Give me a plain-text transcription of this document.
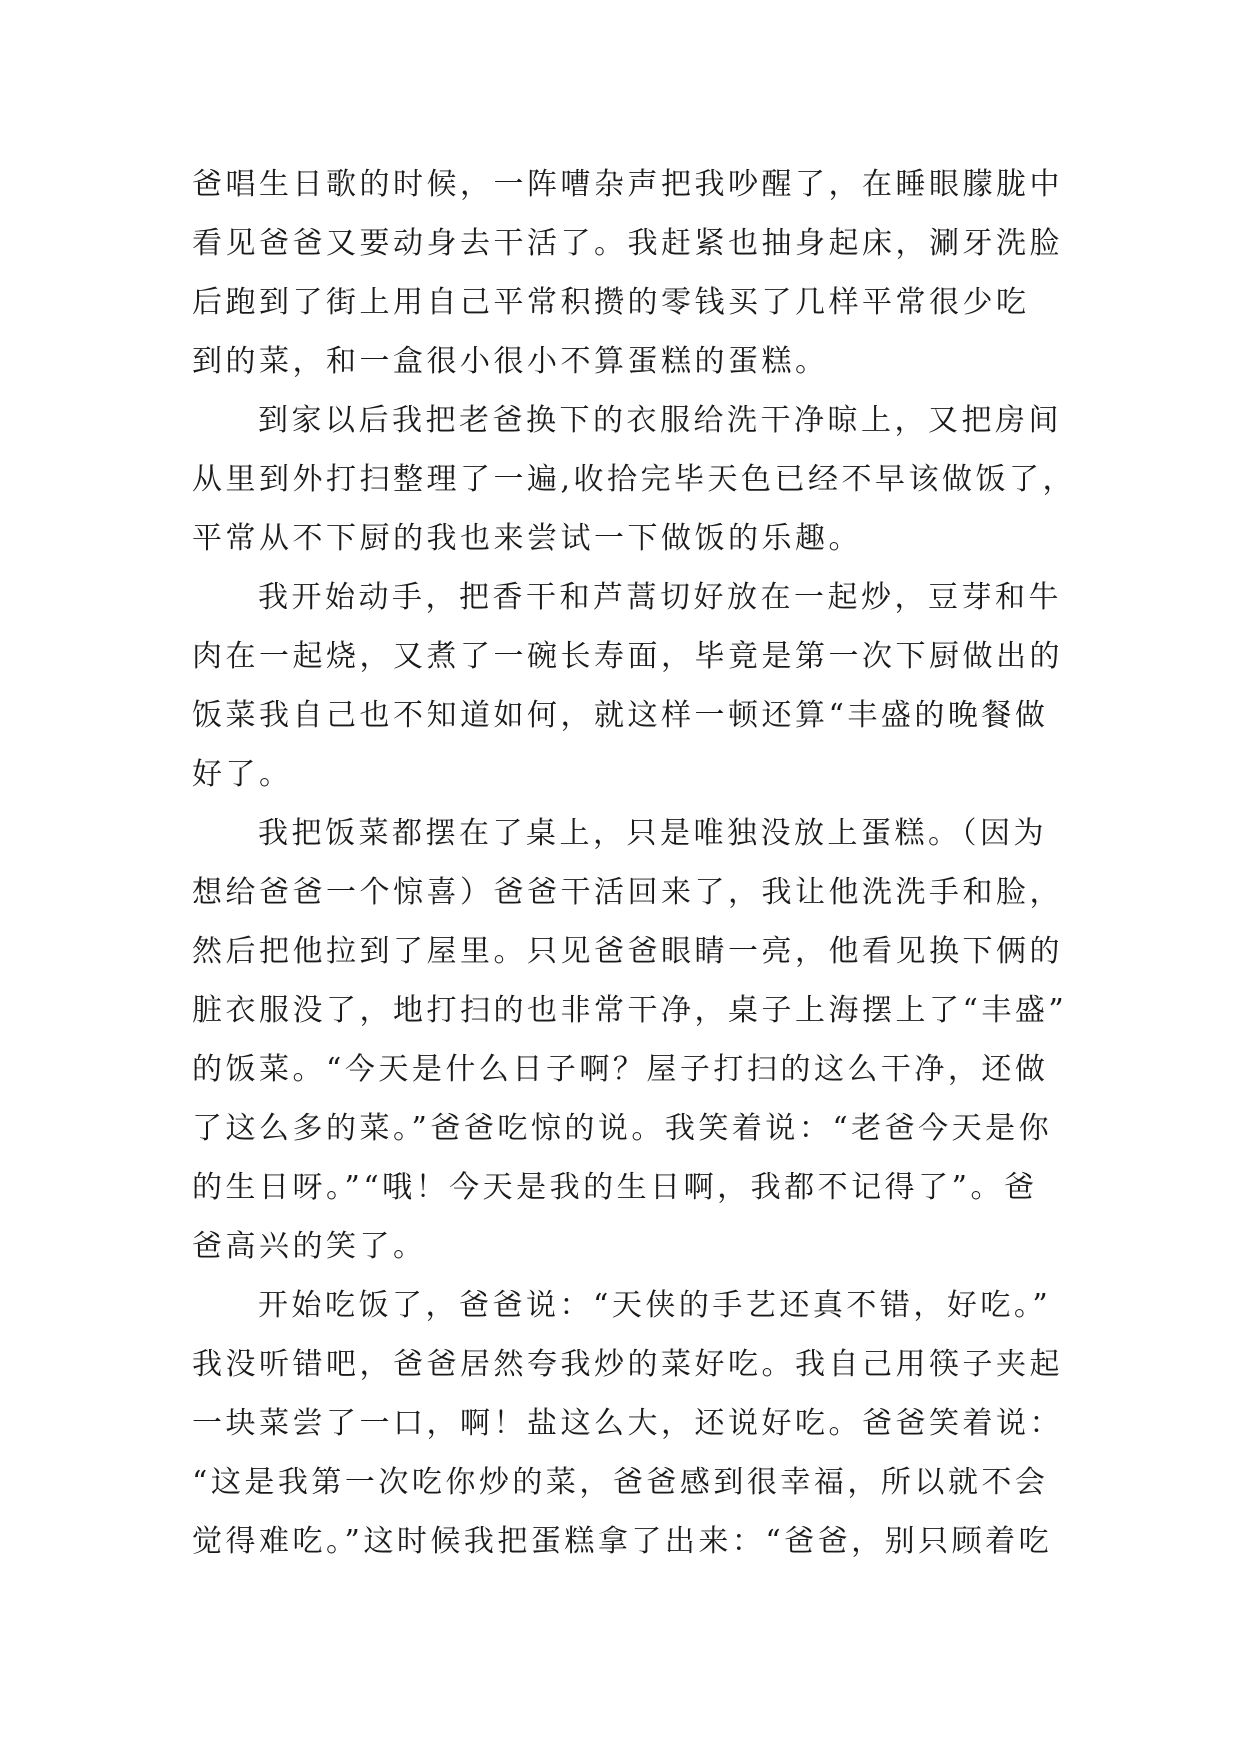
爸唱生日歌的时候，一阵嘈杂声把我吵醒了，在睡眼朦胧中
看见爸爸又要动身去干活了。我赶紧也抽身起床，涮牙洗脸
后跑到了街上用自己平常积攒的零钱买了几样平常很少吃
到的菜，和一盒很小很小不算蛋糕的蛋糕。
到家以后我把老爸换下的衣服给洗干净晾上，又把房间
从里到外打扫整理了一遍,收拾完毕天色已经不早该做饭了，
平常从不下厨的我也来尝试一下做饭的乐趣。
我开始动手，把香干和芦蒿切好放在一起炒，豆芽和牛
肉在一起烧，又煮了一碗长寿面，毕竟是第一次下厨做出的
饭菜我自己也不知道如何，就这样一顿还算“丰盛的晚餐做
好了。
我把饭菜都摆在了桌上，只是唯独没放上蛋糕。（因为
想给爸爸一个惊喜）爸爸干活回来了，我让他洗洗手和脸，
然后把他拉到了屋里。只见爸爸眼睛一亮，他看见换下俩的
脏衣服没了，地打扫的也非常干净，桌子上海摆上了“丰盛”
的饭菜。“今天是什么日子啊？屋子打扫的这么干净，还做
了这么多的菜。”爸爸吃惊的说。我笑着说：“老爸今天是你
的生日呀。”“哦！今天是我的生日啊，我都不记得了”。爸
爸高兴的笑了。
开始吃饭了，爸爸说：“天侠的手艺还真不错，好吃。”
我没听错吧，爸爸居然夸我炒的菜好吃。我自己用筷子夹起
一块菜尝了一口，啊！盐这么大，还说好吃。爸爸笑着说：
“这是我第一次吃你炒的菜，爸爸感到很幸福，所以就不会
觉得难吃。”这时候我把蛋糕拿了出来：“爸爸，别只顾着吃
